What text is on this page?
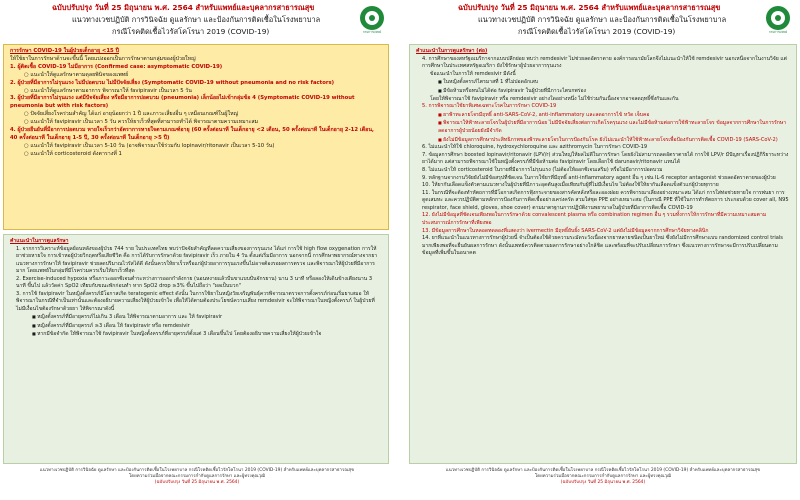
ฉบับปรับปรุง วันที่ 25 มิถุนายน พ.ศ. 2564 สำหรับแพทย์และบุคลากรสาธารณสุข
แนวทางเวชปฏิบัติ การวินิจฉัย ดูแลรักษา และป้องกันการติดเชื้อในโรงพยาบาล
กรณีโรคติดเชื้อไวรัสโคโรนา 2019 (COVID-19)	กรมการแพทย์

การรักษา COVID-19 ในผู้ป่วยเด็กอายุ <15 ปี

ให้ใช้ยาในการรักษาด้านจะขึ้นนี้ โดยแบ่งออกเป็นการรักษาตามกลุ่มของผู้ป่วยใหญ่

1. ผู้ติดเชื้อ COVID-19 ไม่มีอาการ (Confirmed case: asymptomatic COVID-19)

○ แนะนำให้ดูแลรักษาตามดุลยพินิจของแพทย์

2. ผู้ป่วยที่มีอาการไม่รุนแรง ไม่มีปอดบวม ไม่มีปัจจัยเสี่ยง (Symptomatic COVID-19 without pneumonia and no risk factors)

○ แนะนำให้ดูแลรักษาตามอาการ พิจารณาให้ favipiravir เป็นเวลา 5 วัน

3. ผู้ป่วยที่มีอาการไม่รุนแรง แต่มีปัจจัยเสี่ยง หรือมีอาการปอดบวม (pneumonia) เล็กน้อยไม่เข้ากลุ่มข้อ 4 (Symptomatic COVID-19 without pneumonia but with risk factors)

○ ปัจจัยเสี่ยงโรคร่วมสำคัญ ได้แก่ อายุน้อยกว่า 1 ปี และภาวะเสี่ยงอื่น ๆ เหมือนเกณฑ์ในผู้ใหญ่

○ แนะนำให้ favipiravir เป็นเวลา 5 วัน ควรให้ยาเร็วที่สุดที่สามารถทำได้ พิจารณาตามความเหมาะสม

4. ผู้ป่วยยืนยันที่มีอาการปอดบวม หายใจเร็วกว่าอัตราการหายใจตามเกณฑ์อายุ (60 ครั้งต่อนาที ในเด็กอายุ <2 เดือน, 50 ครั้งต่อนาที ในเด็กอายุ 2-12 เดือน, 40 ครั้งต่อนาที ในเด็กอายุ 1-5 ปี, 30 ครั้งต่อนาที ในเด็กอายุ >5 ปี)

○ แนะนำให้ favipiravir เป็นเวลา 5-10 วัน (อาจพิจารณาใช้ร่วมกับ lopinavir/ritonavir เป็นเวลา 5-10 วัน)

○ แนะนำให้ corticosteroid ดังตารางที่ 1

คำแนะนำในการดูแลรักษา

1. จากการวิเคราะห์ข้อมูลย้อนหลังของผู้ป่วย 744 ราย ในประเทศไทย พบว่าปัจจัยสำคัญที่ลดความเสี่ยงของการรุนแรง ได้แก่ การใช้ high flow oxygenation การให้ยาช่วยหายใจ การเข้าหอผู้ป่วยวิกฤตหรือเสียชีวิต คือ การได้รับการรักษาด้วย favipiravir เร็ว ภายใน 4 วัน ตั้งแต่เริ่มมีอาการ นอกจากนี้ การศึกษาพยากรณ์ทางจากยาแนวทางการรักษาให้ favipiravir ช่วยลดปริมาณไวรัสได้ดี ดังนั้นควรให้ยาเร็วหรือแก่ผู้ป่วยอาการรุนแรงขึ้นไม่อาจต้องรอผลการตรวจ และพิจารณาให้ผู้ป่วยที่มีอาการมาก โดยแพทย์ในกลุ่มที่มีโรคร่วมควรเริ่มให้ยาเร็วที่สุด

2. Exercise-induced hypoxia หรือภาวะออกซิเจนต่ำระหว่างการออกกำลังกาย (นอนหงายแล้วปั่นขาแบบปั่นจักรยาน) นาน 3 นาที หรือลองให้เดินข้างเตียงนาน 3 นาที ขึ้นไป แล้ววัดค่า SpO2 เทียบกับขณะพักก่อนทำ หาก SpO2 drop ≥3% ขึ้นไปถือว่า "ผลเป็นบวก"

3. การใช้ favipiravir ในหญิงตั้งครรภ์มีโอกาสเกิด teratogenic effect ดังนั้น ในการใช้ยาในหญิงวัยเจริญพันธุ์ควรพิจารณาตรวจการตั้งครรภ์ก่อนเริ่มยาเสมอ ให้พิจารณาในกรณีที่จำเป็นเท่านั้นและต้องอธิบายความเสี่ยงให้ผู้ป่วยเข้าใจ เพื่อให้ได้ตามต้องประโยชน์ความเสี่ยง remdesivir จะให้พิจารณาในหญิงตั้งครรภ์ ในผู้ป่วยที่ไม่มีเงื่อนไขต้องรักษาด้วยยา ให้พิจารณาดังนี้

■ หญิงตั้งครรภ์ที่มีอายุครรภ์ไม่เกิน 3 เดือน ให้พิจารณาตามอาการ และ ให้ favipiravir

■ หญิงตั้งครรภ์ที่มีอายุครรภ์ ≥3 เดือน ให้ favipiravir หรือ remdesivir

■ หากมีข้อจำกัด ให้พิจารณาใช้ favipiravir ในหญิงตั้งครรภ์ที่อายุครรภ์ตั้งแต่ 3 เดือนขึ้นไป โดยต้องอธิบายความเสี่ยงให้ผู้ป่วยเข้าใจ

แนวทางเวชปฏิบัติ การวินิจฉัย ดูแลรักษา และป้องกันการติดเชื้อในโรงพยาบาล กรณีโรคติดเชื้อไวรัสโคโรนา 2019 (COVID-19) สำหรับแพทย์และบุคลากรสาธารณสุข
โดยความร่วมมือจากคณะกรรมการกำกับดูแลการรักษา และผู้ทรงคุณวุฒิ
(ฉบับปรับปรุง วันที่ 25 มิถุนายน พ.ศ. 2564)
ฉบับปรับปรุง วันที่ 25 มิถุนายน พ.ศ. 2564 สำหรับแพทย์และบุคลากรสาธารณสุข
แนวทางเวชปฏิบัติ การวินิจฉัย ดูแลรักษา และป้องกันการติดเชื้อในโรงพยาบาล
กรณีโรคติดเชื้อไวรัสโคโรนา 2019 (COVID-19)	กรมการแพทย์

คำแนะนำในการดูแลรักษา (ต่อ)

4. การศึกษาของสหรัฐอเมริกาจากแบบปลีกย่อย พบว่า remdesivir ไม่ช่วยลดอัตราตาย องค์การอนามัยโลกจึงไม่แนะนำให้ใช้ remdesivir นอกเหนือจากในงานวิจัย แต่การศึกษาในประเทศสหรัฐอเมริกา ยังใช้รักษาผู้ป่วยอาการรุนแรง

ข้อแนะนำในการให้ remdesivir มีดังนี้

■ ในหญิงตั้งครรภ์ไตรมาสที่ 1 ที่ไม่ปอดอักเสบ

■ มีข้อห้ามหรือทนไม่ได้ต่อ favipiravir ในผู้ป่วยที่มีภาวะไตบกพร่อง

โดยให้พิจารณาใช้ favipiravir หรือ remdesivir อย่างใดอย่างหนึ่ง ไม่ใช้ร่วมกันเนื่องจากอาจลดฤทธิ์ซึ่งกันและกัน

5. การพิจารณาใช้ยาพิเศษเฉพาะโรคในการรักษา COVID-19

■ ยาฟ้าทะลายโจรมีฤทธิ์ anti-SARS-CoV-2, anti-inflammatory และลดอาการไข้ หวัด เจ็บคอ

■ พิจารณาให้ฟ้าทะลายโจรในผู้ป่วยที่มีอาการน้อย ไม่มีปัจจัยเสี่ยงต่อการเกิดโรครุนแรง และไม่มีข้อห้ามต่อการใช้ฟ้าทะลายโจร ข้อมูลจากการศึกษาในการรักษาลดอาการผู้ป่วยน้อยยังมีจำกัด

■ ยังไม่มีข้อมูลการศึกษาประสิทธิภาพของฟ้าทะลายโจรในการป้องกันโรค ยังไม่แนะนำให้ใช้ฟ้าทะลายโจรเพื่อป้องกันการติดเชื้อ COVID-19 (SARS-CoV-2)

6. ไม่แนะนำให้ใช้ chloroquine, hydroxychloroquine และ azithromycin ในการรักษา COVID-19

7. ข้อมูลการศึกษา boosted lopinavir/ritonavir (LPV/r) ส่วนใหญ่ให้ผลไม่ดีในการรักษา โดยยังไม่สามารถลดอัตราตายได้ การใช้ LPV/r มีปัญหาเรื่องปฏิกิริยาระหว่างยาได้มาก แต่สามารถพิจารณาใช้ในหญิงตั้งครรภ์ที่มีข้อห้ามต่อ favipiravir โดยเลือกใช้ darunavir/ritonavir แทนได้

8. ไม่แนะนำให้ corticosteroid ในรายที่มีอาการไม่รุนแรง (ไม่ต้องให้ออกซิเจนเสริม) หรือไม่มีอาการปอดบวม

9. หลักฐานจากงานวิจัยยังไม่มีข้อสรุปที่ชัดเจน ในการใช้ยาที่มีฤทธิ์ anti-inflammatory agent อื่น ๆ เช่น IL-6 receptor antagonist ช่วยลดอัตราตายของผู้ป่วย

10. ให้ยากันเลือดแข็งตัวตามแนวทางในผู้ป่วยที่มีภาวะอุดตันสูงเมื่อเทียบกับผู้ที่ไม่มีเงื่อนไข ไม่ต้องใช้ให้ยากันเลือดแข็งตัวแก่ผู้ป่วยทุกราย

11. ในกรณีที่จะต้องทำหัตถการที่มีโอกาสเกิดการฟุ้งกระจายของสารคัดหลั่งหรือละอองฝอย ควรพิจารณาเลี่ยงอย่างเหมาะสม ได้แก่ การใส่ท่อช่วยหายใจ การพ่นยา การดูดเสมหะ และควรปฏิบัติตามหลักการป้องกันการติดเชื้ออย่างเคร่งครัด สวมใส่ชุด PPE อย่างเหมาะสม (ในกรณี PPE ที่ใช้ในการทำหัตถการ ประกอบด้วย cover all, N95 respirator, face shield, gloves, shoe cover) ตามมาตรฐานการปฏิบัติงานพยาบาลในผู้ป่วยที่มีอาการติดเชื้อ COVID-19

12. ยังไม่มีข้อมูลที่ชัดเจนเพียงพอในการรักษาด้วย convalescent plasma หรือ combination regimen อื่น ๆ รวมทั้งการให้การรักษาที่มีความเหมาะสมตามประสบการณ์การรักษาที่เพียงพอ

13. มีข้อมูลการศึกษาในหลอดทดลองที่แสดงว่า ivermectin มีฤทธิ์ยับยั้ง SARS-CoV-2 แต่ยังไม่มีข้อมูลจากการศึกษาวิจัยทางคลินิก

14. ยาที่แนะนำในแนวทางการรักษาผู้ป่วยนี้ จำเป็นต้องใช้ด้วยความระมัดระวังเนื่องจากยาหลายชนิดเป็นยาใหม่ ซึ่งยังไม่มีการศึกษาแบบ randomized control trials มากเพียงพอที่จะยืนยันผลการรักษา ดังนั้นแพทย์ควรติดตามผลการรักษาอย่างใกล้ชิด และพร้อมที่จะปรับเปลี่ยนการรักษา ซึ่งแนวทางการรักษาจะมีการปรับเปลี่ยนตามข้อมูลที่เพิ่มขึ้นในอนาคต

แนวทางเวชปฏิบัติ การวินิจฉัย ดูแลรักษา และป้องกันการติดเชื้อในโรงพยาบาล กรณีโรคติดเชื้อไวรัสโคโรนา 2019 (COVID-19) สำหรับแพทย์และบุคลากรสาธารณสุข
โดยความร่วมมือจากคณะกรรมการกำกับดูแลการรักษา และผู้ทรงคุณวุฒิ
(ฉบับปรับปรุง วันที่ 25 มิถุนายน พ.ศ. 2564)
